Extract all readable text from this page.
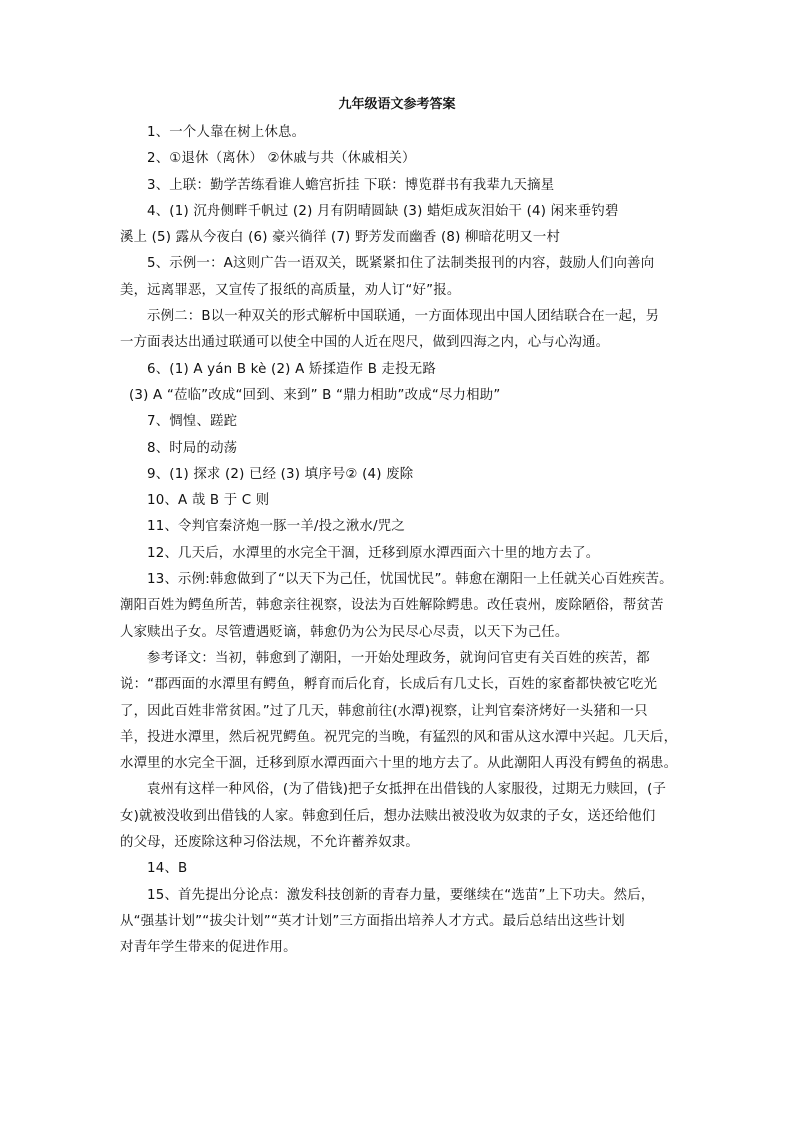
九年级语文参考答案
1、一个人靠在树上休息。
2、①退休（离休） ②休戚与共（休戚相关）
3、上联：勤学苦练看谁人蟾宫折挂 下联：博览群书有我辈九天摘星
4、(1) 沉舟侧畔千帆过 (2) 月有阴晴圆缺 (3) 蜡炬成灰泪始干 (4) 闲来垂钓碧
溪上 (5) 露从今夜白 (6) 豪兴徜徉 (7) 野芳发而幽香 (8) 柳暗花明又一村
5、示例一：A这则广告一语双关，既紧紧扣住了法制类报刊的内容，鼓励人们向善向
美，远离罪恶，又宣传了报纸的高质量，劝人订“好”报。
示例二：B以一种双关的形式解析中国联通，一方面体现出中国人团结联合在一起，另
一方面表达出通过联通可以使全中国的人近在咫尺，做到四海之内，心与心沟通。
6、(1) A yán B kè (2) A 矫揉造作 B 走投无路
(3) A “莅临”改成“回到、来到” B “鼎力相助”改成“尽力相助”
7、惆惶、蹉跎
8、时局的动荡
9、(1) 探求 (2) 已经 (3) 填序号② (4) 废除
10、A 哉 B 于 C 则
11、令判官秦济炮一豚一羊/投之湫水/咒之
12、几天后，水潭里的水完全干涸，迁移到原水潭西面六十里的地方去了。
13、示例:韩愈做到了“以天下为己任，忧国忧民”。韩愈在潮阳一上任就关心百姓疾苦。
潮阳百姓为鳄鱼所苦，韩愈亲往视察，设法为百姓解除鳄患。改任袁州，废除陋俗，帮贫苦
人家赎出子女。尽管遭遇贬谪，韩愈仍为公为民尽心尽责，以天下为己任。
参考译文：当初，韩愈到了潮阳，一开始处理政务，就询问官吏有关百姓的疾苦，都
说：“郡西面的水潭里有鳄鱼，孵育而后化育，长成后有几丈长，百姓的家畜都快被它吃光
了，因此百姓非常贫困。”过了几天，韩愈前往(水潭)视察，让判官秦济烤好一头猪和一只
羊，投进水潭里，然后祝咒鳄鱼。祝咒完的当晚，有猛烈的风和雷从这水潭中兴起。几天后，
水潭里的水完全干涸，迁移到原水潭西面六十里的地方去了。从此潮阳人再没有鳄鱼的祸患。
袁州有这样一种风俗，(为了借钱)把子女抵押在出借钱的人家服役，过期无力赎回，(子
女)就被没收到出借钱的人家。韩愈到任后，想办法赎出被没收为奴隶的子女，送还给他们
的父母，还废除这种习俗法规，不允许蓄养奴隶。
14、B
15、首先提出分论点：激发科技创新的青春力量，要继续在“选苗”上下功夫。然后，
从“强基计划”“拔尖计划”“英才计划”三方面指出培养人才方式。最后总结出这些计划
对青年学生带来的促进作用。
